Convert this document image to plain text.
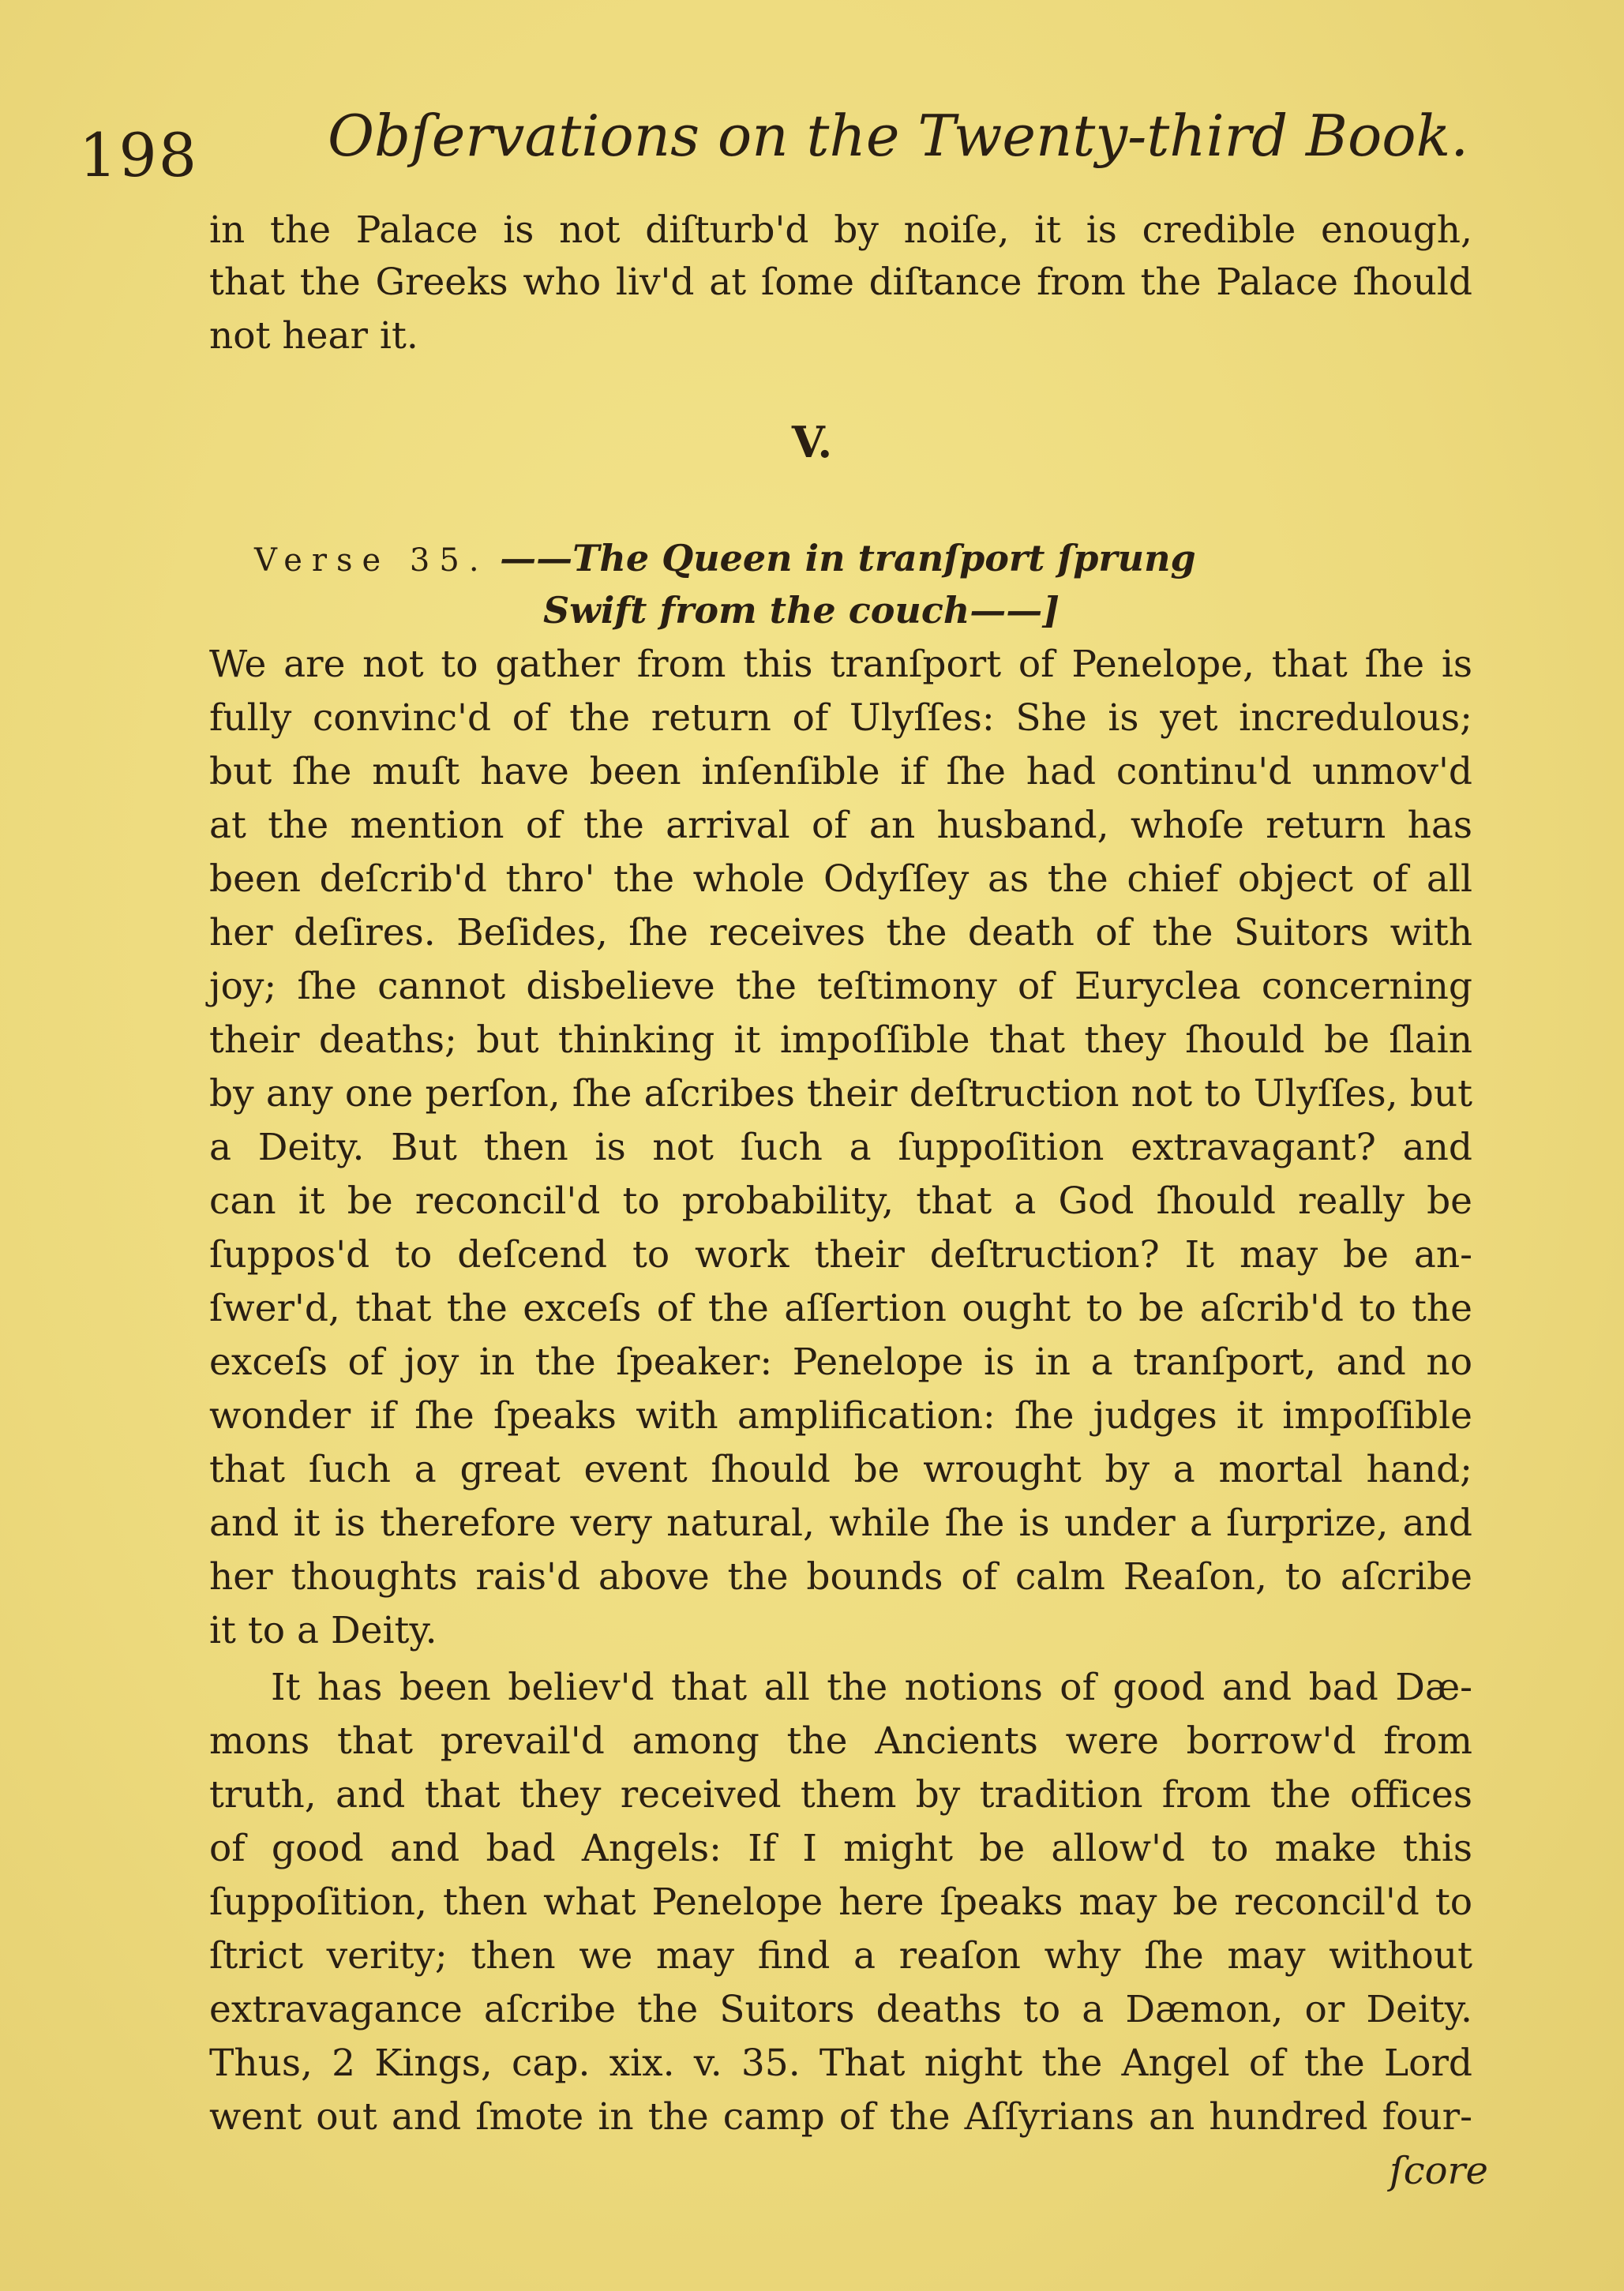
198 Obſervations on the Twenty-third Book.
in the Palace is not diſturb'd by noiſe, it is credible enough,
that the Greeks who liv'd at ſome diſtance from the Palace ſhould
not hear it.
V.
Verse 35. ——The Queen in tranſport ſprung
Swift from the couch——]
We are not to gather from this tranſport of Penelope, that ſhe is
fully convinc'd of the return of Ulyſſes: She is yet incredulous;
but ſhe muſt have been inſenſible if ſhe had continu'd unmov'd
at the mention of the arrival of an husband, whoſe return has
been deſcrib'd thro' the whole Odyſſey as the chief object of all
her deſires. Beſides, ſhe receives the death of the Suitors with
joy; ſhe cannot disbelieve the teſtimony of Euryclea concerning
their deaths; but thinking it impoſſible that they ſhould be ſlain
by any one perſon, ſhe aſcribes their deſtruction not to Ulyſſes, but
a Deity. But then is not ſuch a ſuppoſition extravagant? and
can it be reconcil'd to probability, that a God ſhould really be
ſuppos'd to deſcend to work their deſtruction? It may be an-
ſwer'd, that the exceſs of the aſſertion ought to be aſcrib'd to the
exceſs of joy in the ſpeaker: Penelope is in a tranſport, and no
wonder if ſhe ſpeaks with amplification: ſhe judges it impoſſible
that ſuch a great event ſhould be wrought by a mortal hand;
and it is therefore very natural, while ſhe is under a ſurprize, and
her thoughts rais'd above the bounds of calm Reaſon, to aſcribe
it to a Deity.
It has been believ'd that all the notions of good and bad Dæ-
mons that prevail'd among the Ancients were borrow'd from
truth, and that they received them by tradition from the offices
of good and bad Angels: If I might be allow'd to make this
ſuppoſition, then what Penelope here ſpeaks may be reconcil'd to
ſtrict verity; then we may find a reaſon why ſhe may without
extravagance aſcribe the Suitors deaths to a Dæmon, or Deity.
Thus, 2 Kings, cap. xix. v. 35. That night the Angel of the Lord
went out and ſmote in the camp of the Aſſyrians an hundred four-
ſcore
